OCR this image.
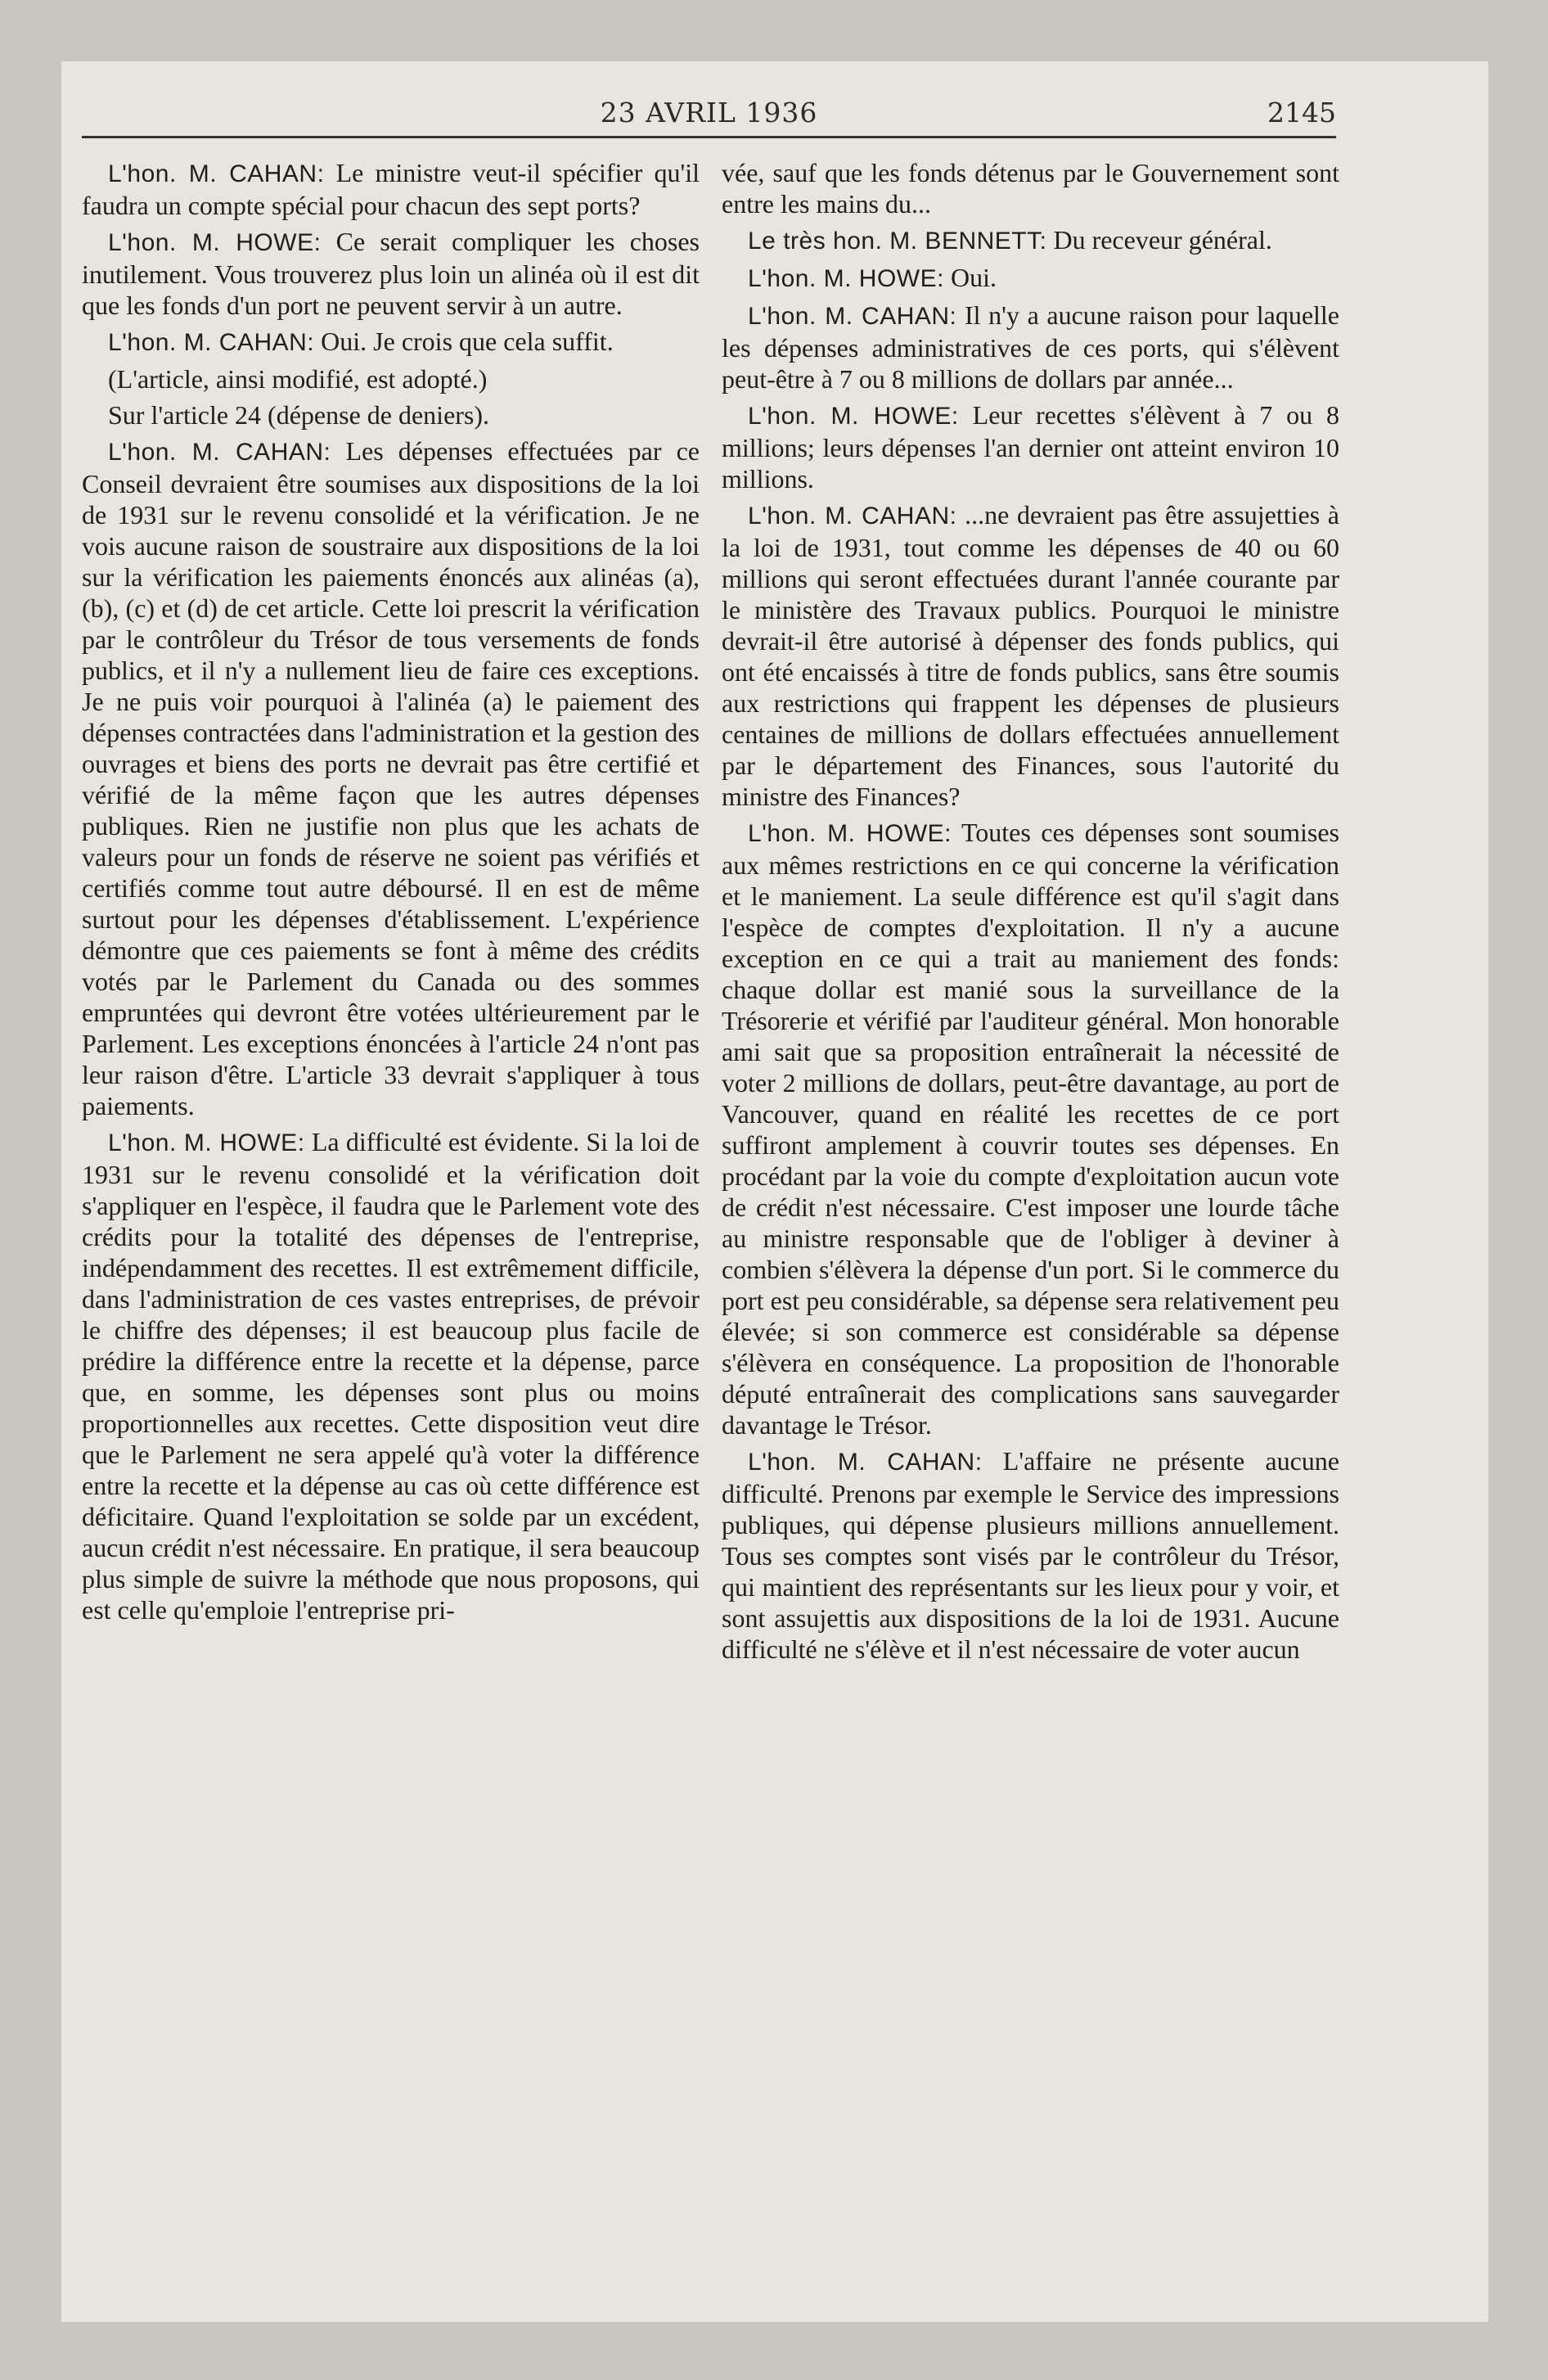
23 AVRIL 1936	2145

L'hon. M. CAHAN: Le ministre veut-il spécifier qu'il faudra un compte spécial pour chacun des sept ports?

L'hon. M. HOWE: Ce serait compliquer les choses inutilement. Vous trouverez plus loin un alinéa où il est dit que les fonds d'un port ne peuvent servir à un autre.

L'hon. M. CAHAN: Oui. Je crois que cela suffit.

(L'article, ainsi modifié, est adopté.)

Sur l'article 24 (dépense de deniers).

L'hon. M. CAHAN: Les dépenses effectuées par ce Conseil devraient être soumises aux dispositions de la loi de 1931 sur le revenu consolidé et la vérification. Je ne vois aucune raison de soustraire aux dispositions de la loi sur la vérification les paiements énoncés aux alinéas (a), (b), (c) et (d) de cet article. Cette loi prescrit la vérification par le contrôleur du Trésor de tous versements de fonds publics, et il n'y a nullement lieu de faire ces exceptions. Je ne puis voir pourquoi à l'alinéa (a) le paiement des dépenses contractées dans l'administration et la gestion des ouvrages et biens des ports ne devrait pas être certifié et vérifié de la même façon que les autres dépenses publiques. Rien ne justifie non plus que les achats de valeurs pour un fonds de réserve ne soient pas vérifiés et certifiés comme tout autre déboursé. Il en est de même surtout pour les dépenses d'établissement. L'expérience démontre que ces paiements se font à même des crédits votés par le Parlement du Canada ou des sommes empruntées qui devront être votées ultérieurement par le Parlement. Les exceptions énoncées à l'article 24 n'ont pas leur raison d'être. L'article 33 devrait s'appliquer à tous paiements.

L'hon. M. HOWE: La difficulté est évidente. Si la loi de 1931 sur le revenu consolidé et la vérification doit s'appliquer en l'espèce, il faudra que le Parlement vote des crédits pour la totalité des dépenses de l'entreprise, indépendamment des recettes. Il est extrêmement difficile, dans l'administration de ces vastes entreprises, de prévoir le chiffre des dépenses; il est beaucoup plus facile de prédire la différence entre la recette et la dépense, parce que, en somme, les dépenses sont plus ou moins proportionnelles aux recettes. Cette disposition veut dire que le Parlement ne sera appelé qu'à voter la différence entre la recette et la dépense au cas où cette différence est déficitaire. Quand l'exploitation se solde par un excédent, aucun crédit n'est nécessaire. En pratique, il sera beaucoup plus simple de suivre la méthode que nous proposons, qui est celle qu'emploie l'entreprise pri-

vée, sauf que les fonds détenus par le Gouvernement sont entre les mains du...

Le très hon. M. BENNETT: Du receveur général.

L'hon. M. HOWE: Oui.

L'hon. M. CAHAN: Il n'y a aucune raison pour laquelle les dépenses administratives de ces ports, qui s'élèvent peut-être à 7 ou 8 millions de dollars par année...

L'hon. M. HOWE: Leur recettes s'élèvent à 7 ou 8 millions; leurs dépenses l'an dernier ont atteint environ 10 millions.

L'hon. M. CAHAN: ...ne devraient pas être assujetties à la loi de 1931, tout comme les dépenses de 40 ou 60 millions qui seront effectuées durant l'année courante par le ministère des Travaux publics. Pourquoi le ministre devrait-il être autorisé à dépenser des fonds publics, qui ont été encaissés à titre de fonds publics, sans être soumis aux restrictions qui frappent les dépenses de plusieurs centaines de millions de dollars effectuées annuellement par le département des Finances, sous l'autorité du ministre des Finances?

L'hon. M. HOWE: Toutes ces dépenses sont soumises aux mêmes restrictions en ce qui concerne la vérification et le maniement. La seule différence est qu'il s'agit dans l'espèce de comptes d'exploitation. Il n'y a aucune exception en ce qui a trait au maniement des fonds: chaque dollar est manié sous la surveillance de la Trésorerie et vérifié par l'auditeur général. Mon honorable ami sait que sa proposition entraînerait la nécessité de voter 2 millions de dollars, peut-être davantage, au port de Vancouver, quand en réalité les recettes de ce port suffiront amplement à couvrir toutes ses dépenses. En procédant par la voie du compte d'exploitation aucun vote de crédit n'est nécessaire. C'est imposer une lourde tâche au ministre responsable que de l'obliger à deviner à combien s'élèvera la dépense d'un port. Si le commerce du port est peu considérable, sa dépense sera relativement peu élevée; si son commerce est considérable sa dépense s'élèvera en conséquence. La proposition de l'honorable député entraînerait des complications sans sauvegarder davantage le Trésor.

L'hon. M. CAHAN: L'affaire ne présente aucune difficulté. Prenons par exemple le Service des impressions publiques, qui dépense plusieurs millions annuellement. Tous ses comptes sont visés par le contrôleur du Trésor, qui maintient des représentants sur les lieux pour y voir, et sont assujettis aux dispositions de la loi de 1931. Aucune difficulté ne s'élève et il n'est nécessaire de voter aucun
